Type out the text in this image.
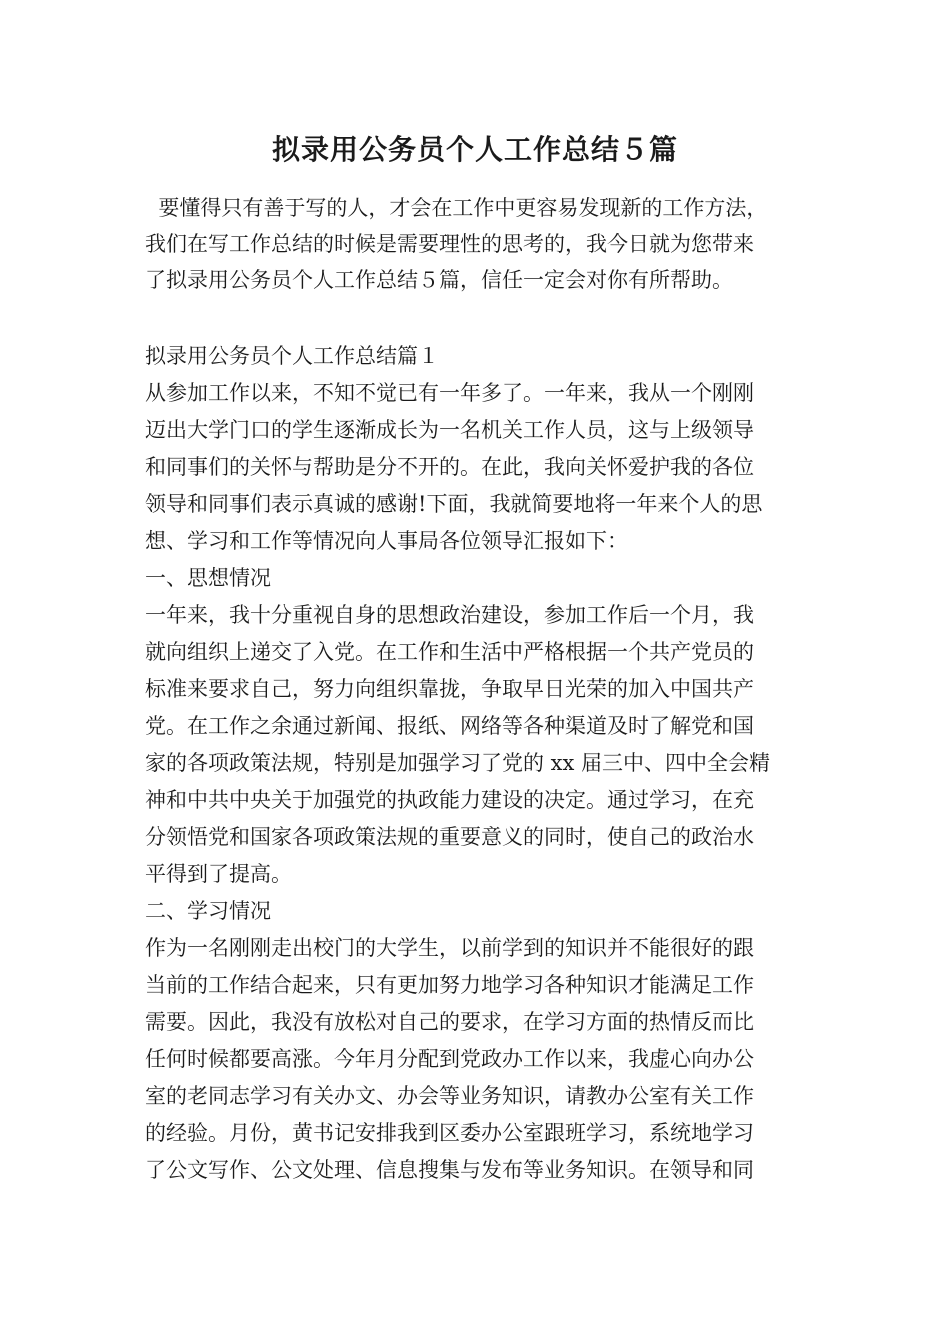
拟录用公务员个人工作总结５篇
要懂得只有善于写的人，才会在工作中更容易发现新的工作方法，
我们在写工作总结的时候是需要理性的思考的，我今日就为您带来
了拟录用公务员个人工作总结５篇，信任一定会对你有所帮助。
拟录用公务员个人工作总结篇１
从参加工作以来，不知不觉已有一年多了。一年来，我从一个刚刚
迈出大学门口的学生逐渐成长为一名机关工作人员，这与上级领导
和同事们的关怀与帮助是分不开的。在此，我向关怀爱护我的各位
领导和同事们表示真诚的感谢!下面，我就简要地将一年来个人的思
想、学习和工作等情况向人事局各位领导汇报如下：
一、思想情况
一年来，我十分重视自身的思想政治建设，参加工作后一个月，我
就向组织上递交了入党。在工作和生活中严格根据一个共产党员的
标准来要求自己，努力向组织靠拢，争取早日光荣的加入中国共产
党。在工作之余通过新闻、报纸、网络等各种渠道及时了解党和国
家的各项政策法规，特别是加强学习了党的 xx 届三中、四中全会精
神和中共中央关于加强党的执政能力建设的决定。通过学习，在充
分领悟党和国家各项政策法规的重要意义的同时，使自己的政治水
平得到了提高。
二、学习情况
作为一名刚刚走出校门的大学生，以前学到的知识并不能很好的跟
当前的工作结合起来，只有更加努力地学习各种知识才能满足工作
需要。因此，我没有放松对自己的要求，在学习方面的热情反而比
任何时候都要高涨。今年月分配到党政办工作以来，我虚心向办公
室的老同志学习有关办文、办会等业务知识，请教办公室有关工作
的经验。月份，黄书记安排我到区委办公室跟班学习，系统地学习
了公文写作、公文处理、信息搜集与发布等业务知识。在领导和同
